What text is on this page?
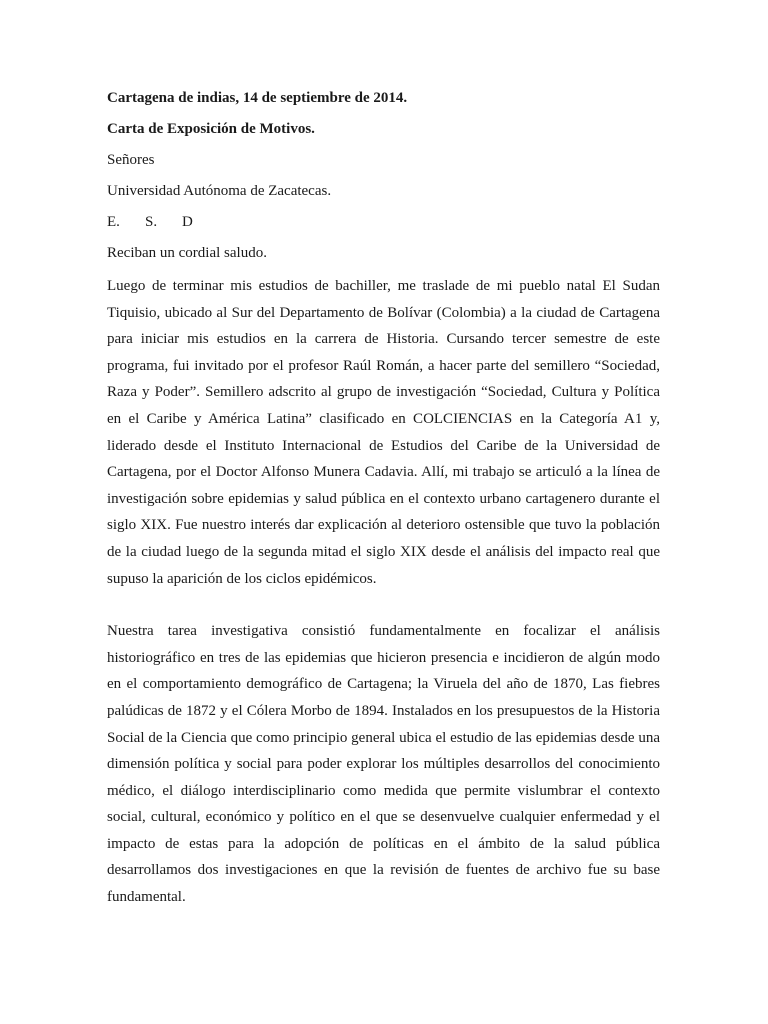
Cartagena de indias, 14 de septiembre de 2014.
Carta de Exposición de Motivos.
Señores
Universidad Autónoma de Zacatecas.
E. S. D
Reciban un cordial saludo.

Luego de terminar mis estudios de bachiller, me traslade de mi pueblo natal El Sudan Tiquisio, ubicado al Sur del Departamento de Bolívar (Colombia) a la ciudad de Cartagena para iniciar mis estudios en la carrera de Historia. Cursando tercer semestre de este programa, fui invitado por el profesor Raúl Román, a hacer parte del semillero “Sociedad, Raza y Poder”. Semillero adscrito al grupo de investigación “Sociedad, Cultura y Política en el Caribe y América Latina” clasificado en COLCIENCIAS en la Categoría A1 y, liderado desde el Instituto Internacional de Estudios del Caribe de la Universidad de Cartagena, por el Doctor Alfonso Munera Cadavia. Allí, mi trabajo se articuló a la línea de investigación sobre epidemias y salud pública en el contexto urbano cartagenero durante el siglo XIX. Fue nuestro interés dar explicación al deterioro ostensible que tuvo la población de la ciudad luego de la segunda mitad el siglo XIX desde el análisis del impacto real que supuso la aparición de los ciclos epidémicos.

Nuestra tarea investigativa consistió fundamentalmente en focalizar el análisis historiográfico en tres de las epidemias que hicieron presencia e incidieron de algún modo en el comportamiento demográfico de Cartagena; la Viruela del año de 1870, Las fiebres palúdicas de 1872 y el Cólera Morbo de 1894. Instalados en los presupuestos de la Historia Social de la Ciencia que como principio general ubica el estudio de las epidemias desde una dimensión política y social para poder explorar los múltiples desarrollos del conocimiento médico, el diálogo interdisciplinario como medida que permite vislumbrar el contexto social, cultural, económico y político en el que se desenvuelve cualquier enfermedad y el impacto de estas para la adopción de políticas en el ámbito de la salud pública desarrollamos dos investigaciones en que la revisión de fuentes de archivo fue su base fundamental.
